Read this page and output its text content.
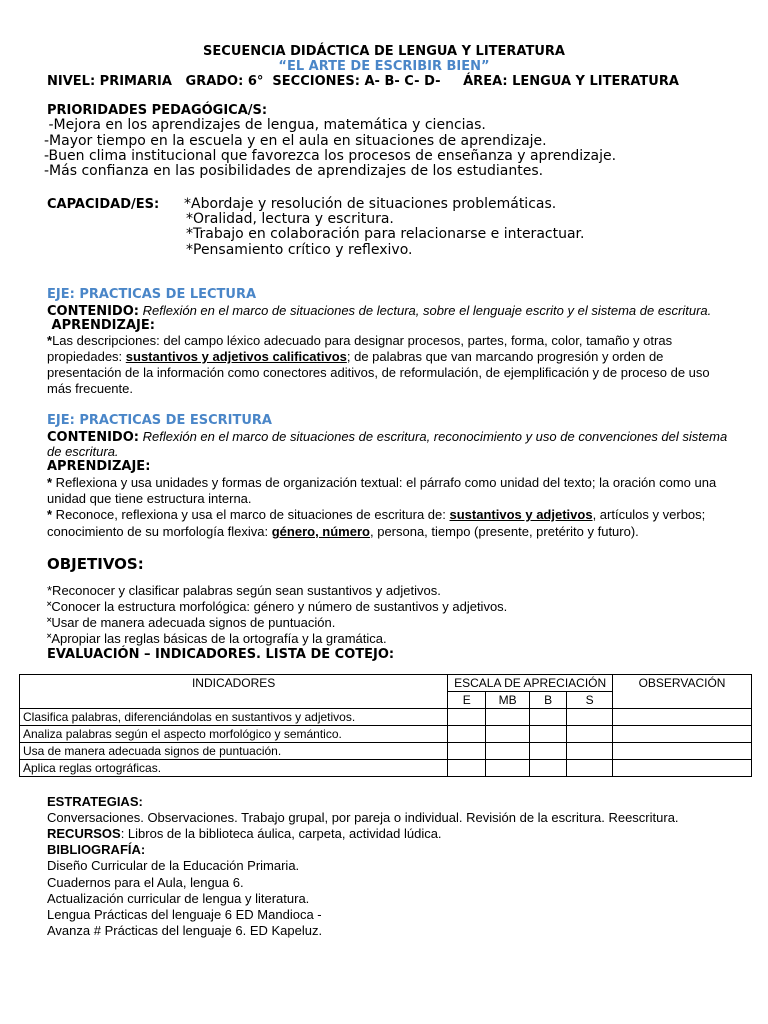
SECUENCIA DIDÁCTICA DE LENGUA Y LITERATURA
“EL ARTE DE ESCRIBIR BIEN”
NIVEL: PRIMARIA   GRADO: 6°  SECCIONES: A- B- C- D-     ÁREA: LENGUA Y LITERATURA
PRIORIDADES PEDAGÓGICA/S:
-Mejora en los aprendizajes de lengua, matemática y ciencias.
-Mayor tiempo en la escuela y en el aula en situaciones de aprendizaje.
-Buen clima institucional que favorezca los procesos de enseñanza y aprendizaje.
-Más confianza en las posibilidades de aprendizajes de los estudiantes.
CAPACIDAD/ES: *Abordaje y resolución de situaciones problemáticas.
*Oralidad, lectura y escritura.
*Trabajo en colaboración para relacionarse e interactuar.
*Pensamiento crítico y reflexivo.
EJE: PRACTICAS DE LECTURA
CONTENIDO: Reflexión en el marco de situaciones de lectura, sobre el lenguaje escrito y el sistema de escritura.
APRENDIZAJE:
*Las descripciones: del campo léxico adecuado para designar procesos, partes, forma, color, tamaño y otras
propiedades: sustantivos y adjetivos calificativos; de palabras que van marcando progresión y orden de
presentación de la información como conectores aditivos, de reformulación, de ejemplificación y de proceso de uso
más frecuente.
EJE: PRACTICAS DE ESCRITURA
CONTENIDO: Reflexión en el marco de situaciones de escritura, reconocimiento y uso de convenciones del sistema
de escritura.
APRENDIZAJE:
* Reflexiona y usa unidades y formas de organización textual: el párrafo como unidad del texto; la oración como una
unidad que tiene estructura interna.
* Reconoce, reflexiona y usa el marco de situaciones de escritura de: sustantivos y adjetivos, artículos y verbos;
conocimiento de su morfología flexiva: género, número, persona, tiempo (presente, pretérito y futuro).
OBJETIVOS:
*Reconocer y clasificar palabras según sean sustantivos y adjetivos.
˟Conocer la estructura morfológica: género y número de sustantivos y adjetivos.
˟Usar de manera adecuada signos de puntuación.
˟Apropiar las reglas básicas de la ortografía y la gramática.
EVALUACIÓN – INDICADORES. LISTA DE COTEJO:
INDICADORES	ESCALA DE APRECIACIÓN				OBSERVACIÓN
	E	MB	B	S	
Clasifica palabras, diferenciándolas en sustantivos y adjetivos.					
Analiza palabras según el aspecto morfológico y semántico.					
Usa de manera adecuada signos de puntuación.					
Aplica reglas ortográficas.					
ESTRATEGIAS:
Conversaciones. Observaciones. Trabajo grupal, por pareja o individual. Revisión de la escritura. Reescritura.
RECURSOS: Libros de la biblioteca áulica, carpeta, actividad lúdica.
BIBLIOGRAFÍA:
Diseño Curricular de la Educación Primaria.
Cuadernos para el Aula, lengua 6.
Actualización curricular de lengua y literatura.
Lengua Prácticas del lenguaje 6 ED Mandioca -
Avanza # Prácticas del lenguaje 6. ED Kapeluz.
